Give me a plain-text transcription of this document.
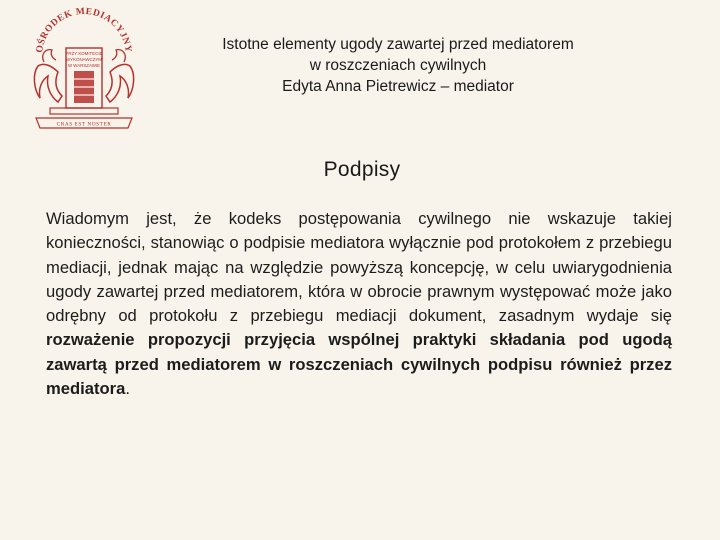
OŚRODEK MEDIACYJNY
PRZY KOMITECIE
WYKONAWCZYM
W WARSZAWIE
CRAS EST NOSTER
Istotne elementy ugody zawartej przed mediatorem
w roszczeniach cywilnych
Edyta Anna Pietrewicz – mediator
Podpisy
Wiadomym jest, że kodeks postępowania cywilnego nie wskazuje takiej konieczności, stanowiąc o podpisie mediatora wyłącznie pod protokołem z przebiegu mediacji, jednak mając na względzie powyższą koncepcję, w celu uwiarygodnienia ugody zawartej przed mediatorem, która w obrocie prawnym występować może jako odrębny od protokołu z przebiegu mediacji dokument, zasadnym wydaje się rozważenie propozycji przyjęcia wspólnej praktyki składania pod ugodą zawartą przed mediatorem w roszczeniach cywilnych podpisu również przez mediatora.
